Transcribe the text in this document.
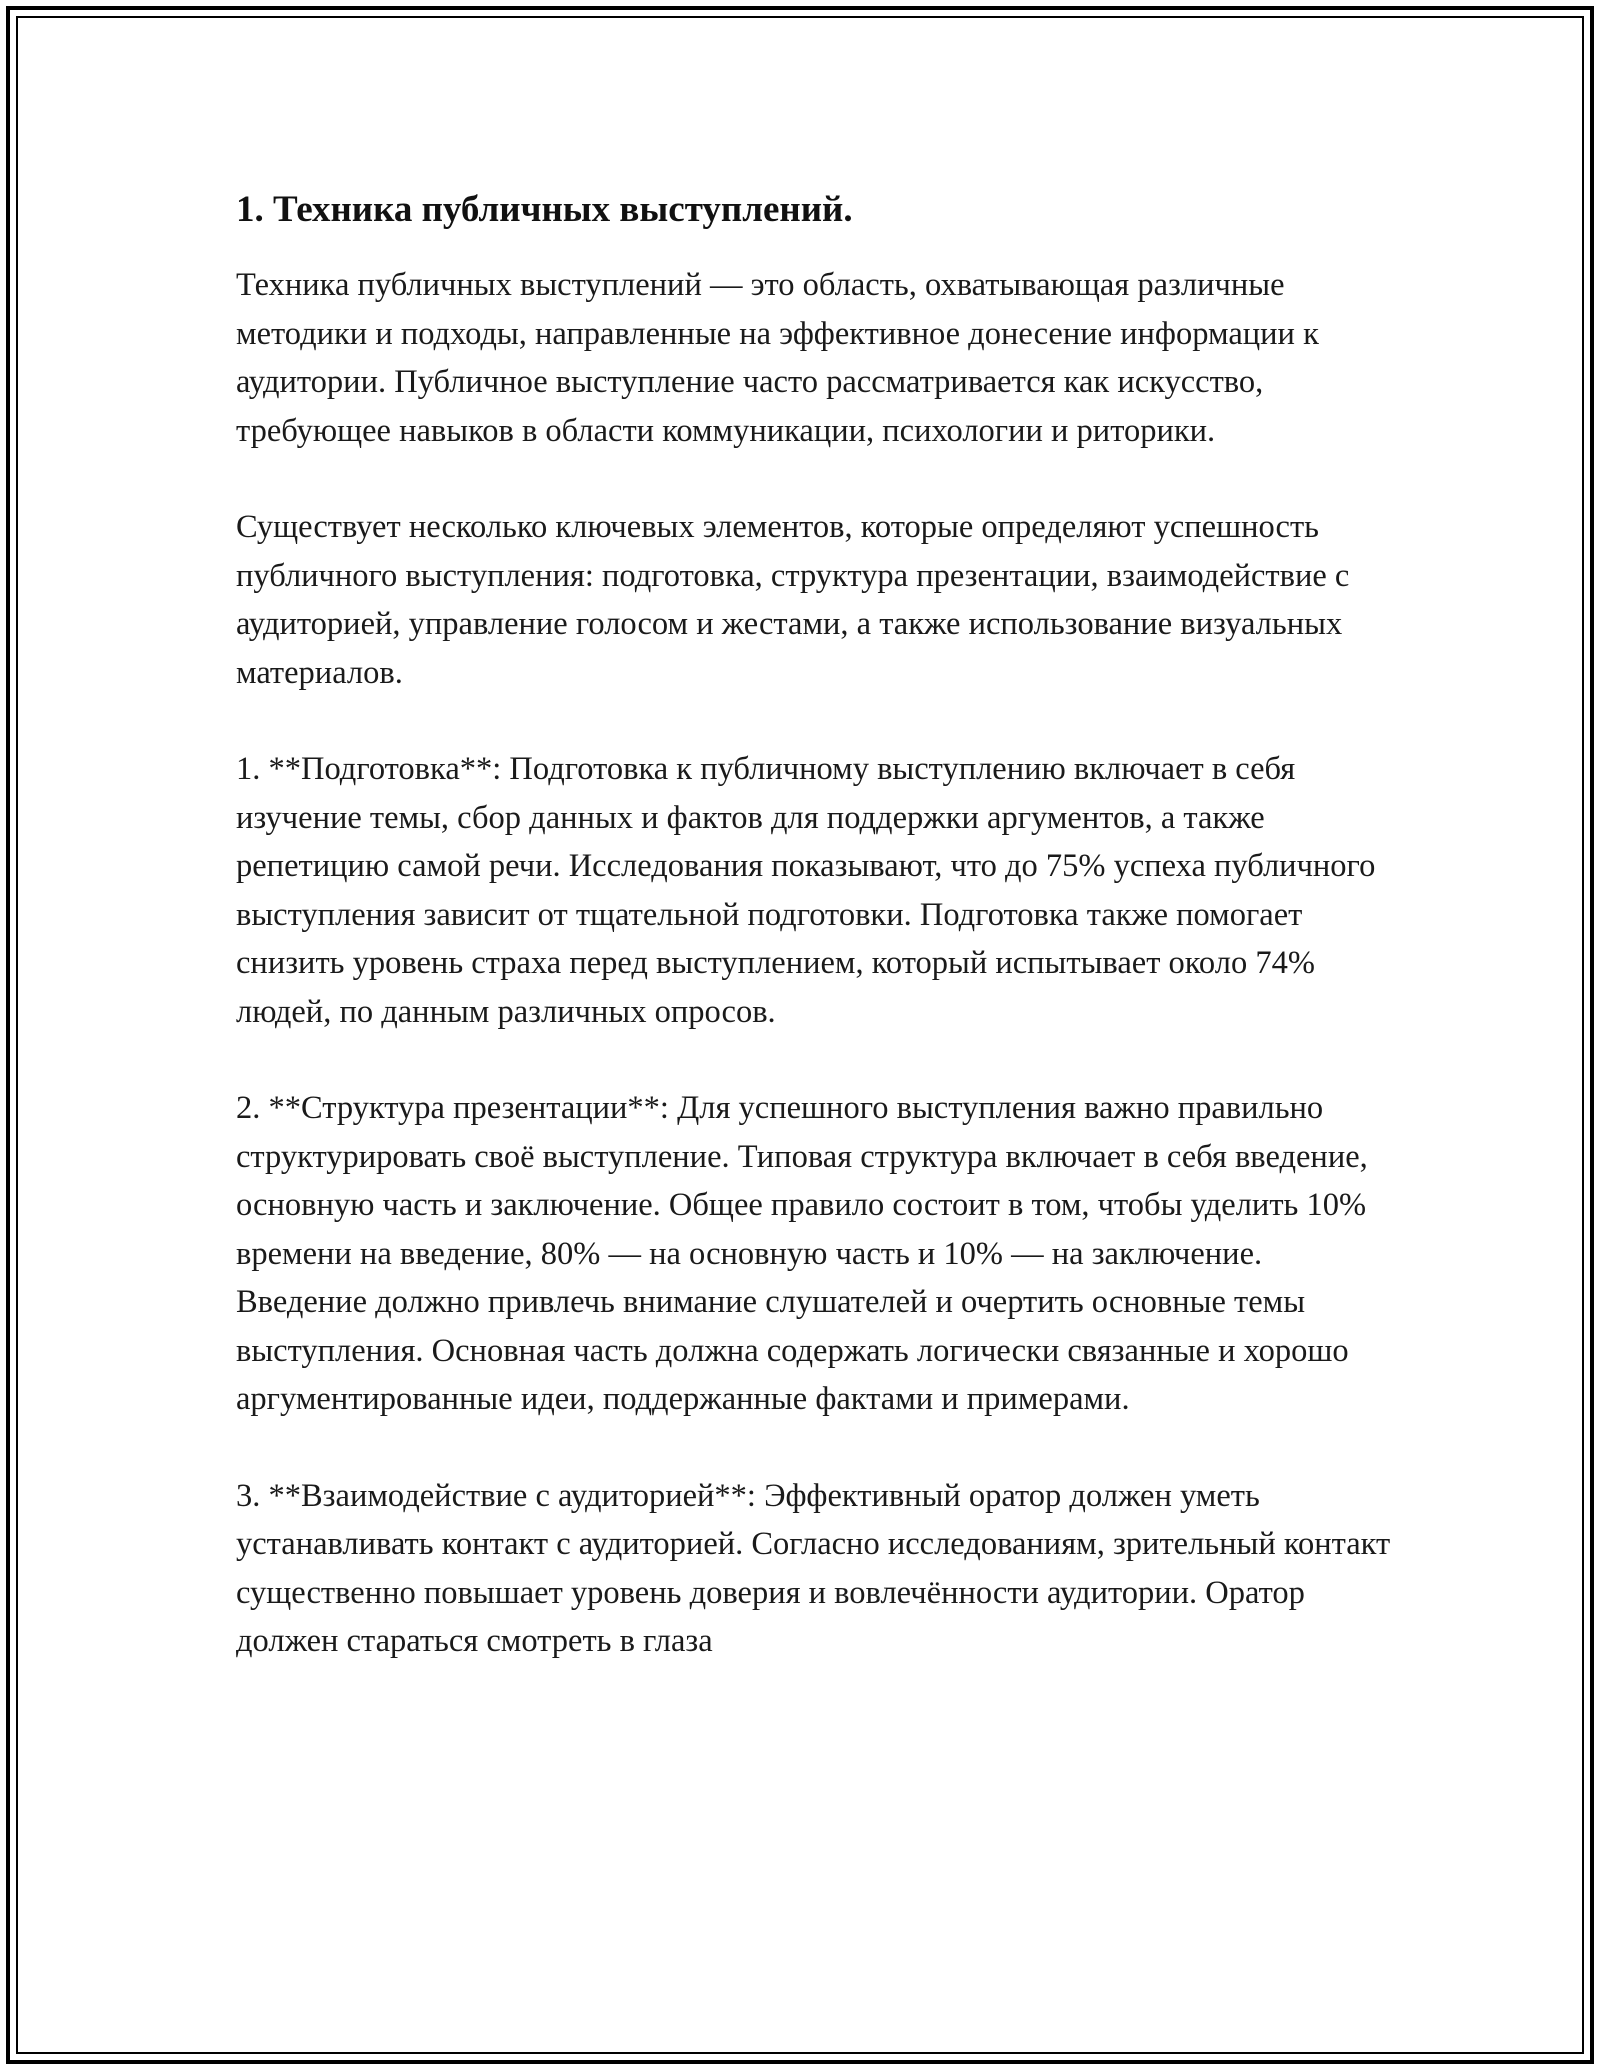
1. Техника публичных выступлений.

Техника публичных выступлений — это область, охватывающая различные методики и подходы, направленные на эффективное донесение информации к аудитории. Публичное выступление часто рассматривается как искусство, требующее навыков в области коммуникации, психологии и риторики.

Существует несколько ключевых элементов, которые определяют успешность публичного выступления: подготовка, структура презентации, взаимодействие с аудиторией, управление голосом и жестами, а также использование визуальных материалов.

1. **Подготовка**: Подготовка к публичному выступлению включает в себя изучение темы, сбор данных и фактов для поддержки аргументов, а также репетицию самой речи. Исследования показывают, что до 75% успеха публичного выступления зависит от тщательной подготовки. Подготовка также помогает снизить уровень страха перед выступлением, который испытывает около 74% людей, по данным различных опросов.

2. **Структура презентации**: Для успешного выступления важно правильно структурировать своё выступление. Типовая структура включает в себя введение, основную часть и заключение. Общее правило состоит в том, чтобы уделить 10% времени на введение, 80% — на основную часть и 10% — на заключение. Введение должно привлечь внимание слушателей и очертить основные темы выступления. Основная часть должна содержать логически связанные и хорошо аргументированные идеи, поддержанные фактами и примерами.

3. **Взаимодействие с аудиторией**: Эффективный оратор должен уметь устанавливать контакт с аудиторией. Согласно исследованиям, зрительный контакт существенно повышает уровень доверия и вовлечённости аудитории. Оратор должен стараться смотреть в глаза
